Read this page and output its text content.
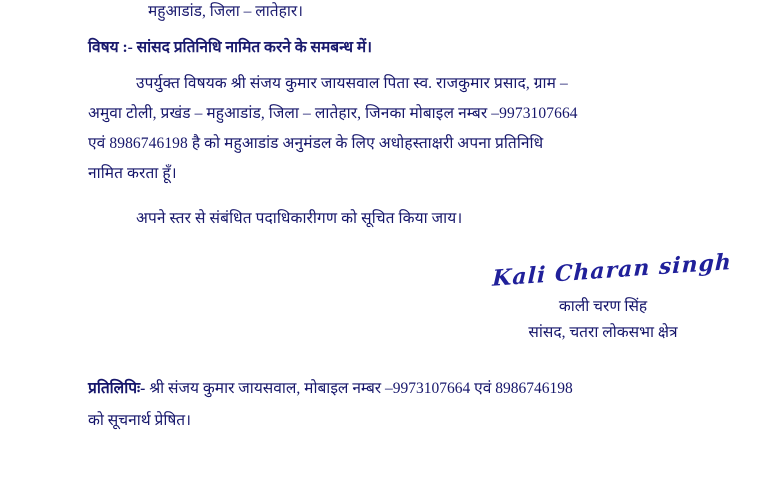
महुआडांड, जिला – लातेहार।
विषय :- सांसद प्रतिनिधि नामित करने के समबन्ध में।
उपर्युक्त विषयक श्री संजय कुमार जायसवाल पिता स्व. राजकुमार प्रसाद, ग्राम –
अमुवा टोली, प्रखंड – महुआडांड, जिला – लातेहार, जिनका मोबाइल नम्बर –9973107664
एवं 8986746198 है को महुआडांड अनुमंडल के लिए अधोहस्ताक्षरी अपना प्रतिनिधि
नामित करता हूँ।
अपने स्तर से संबंधित पदाधिकारीगण को सूचित किया जाय।
Kali Charan singh
काली चरण सिंह
सांसद, चतरा लोकसभा क्षेत्र
प्रतिलिपिः- श्री संजय कुमार जायसवाल, मोबाइल नम्बर –9973107664 एवं 8986746198
को सूचनार्थ प्रेषित।
